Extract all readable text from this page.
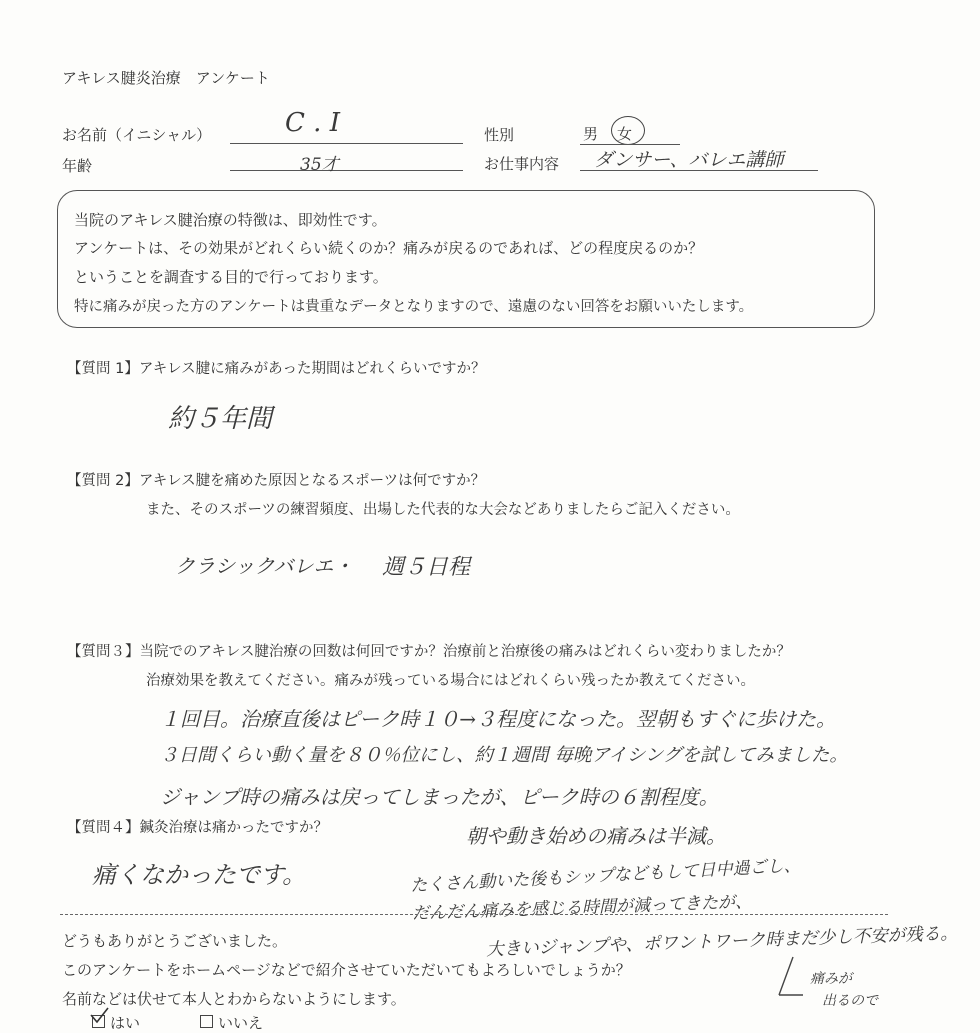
アキレス腱炎治療　アンケート
お名前（イニシャル）	C . I	性別	男 女
年齢	35才	お仕事内容 ダンサー、バレエ講師
当院のアキレス腱治療の特徴は、即効性です。
アンケートは、その効果がどれくらい続くのか？痛みが戻るのであれば、どの程度戻るのか？
ということを調査する目的で行っております。
特に痛みが戻った方のアンケートは貴重なデータとなりますので、遠慮のない回答をお願いいたします。
【質問 1】アキレス腱に痛みがあった期間はどれくらいですか？
約５年間
【質問 2】アキレス腱を痛めた原因となるスポーツは何ですか？
また、そのスポーツの練習頻度、出場した代表的な大会などありましたらご記入ください。
クラシックバレエ・ 週５日程
【質問３】当院でのアキレス腱治療の回数は何回ですか？治療前と治療後の痛みはどれくらい変わりましたか？
治療効果を教えてください。痛みが残っている場合にはどれくらい残ったか教えてください。
１回目。治療直後はピーク時１０→３程度になった。翌朝もすぐに歩けた。
３日間くらい動く量を８０％位にし、約１週間 毎晩アイシングを試してみました。
ジャンプ時の痛みは戻ってしまったが、ピーク時の６割程度。
朝や動き始めの痛みは半減。
たくさん動いた後もシップなどもして日中過ごし、
だんだん痛みを感じる時間が減ってきたが、
大きいジャンプや、ポワントワーク時まだ少し不安が残る。
痛みが
出るので
【質問４】鍼灸治療は痛かったですか？
痛くなかったです。
どうもありがとうございました。
このアンケートをホームページなどで紹介させていただいてもよろしいでしょうか？
名前などは伏せて本人とわからないようにします。
はい	いいえ
